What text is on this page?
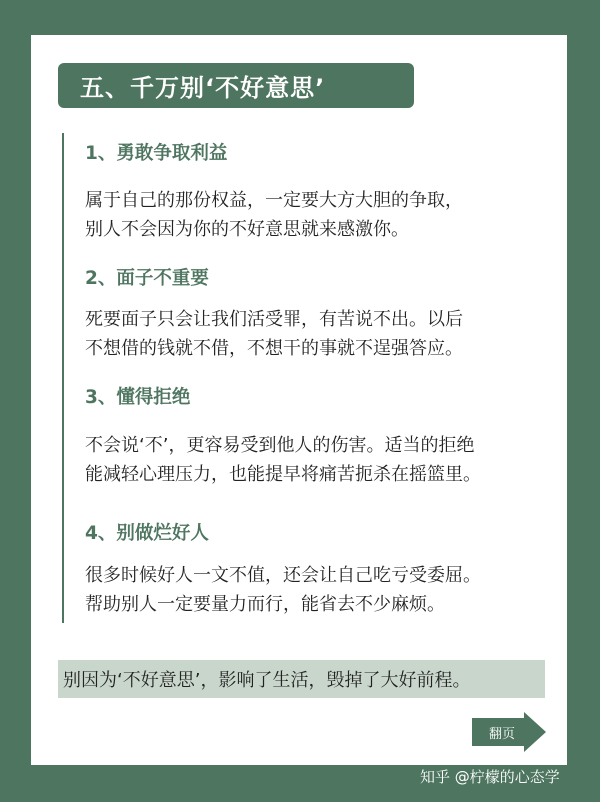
五、千万别‘不好意思’
1、勇敢争取利益
属于自己的那份权益，一定要大方大胆的争取，
别人不会因为你的不好意思就来感激你。
2、面子不重要
死要面子只会让我们活受罪，有苦说不出。以后
不想借的钱就不借，不想干的事就不逞强答应。
3、懂得拒绝
不会说‘不’，更容易受到他人的伤害。适当的拒绝
能减轻心理压力，也能提早将痛苦扼杀在摇篮里。
4、别做烂好人
很多时候好人一文不值，还会让自己吃亏受委屈。
帮助别人一定要量力而行，能省去不少麻烦。
别因为‘不好意思’，影响了生活，毁掉了大好前程。
翻页
知乎 @柠檬的心态学
